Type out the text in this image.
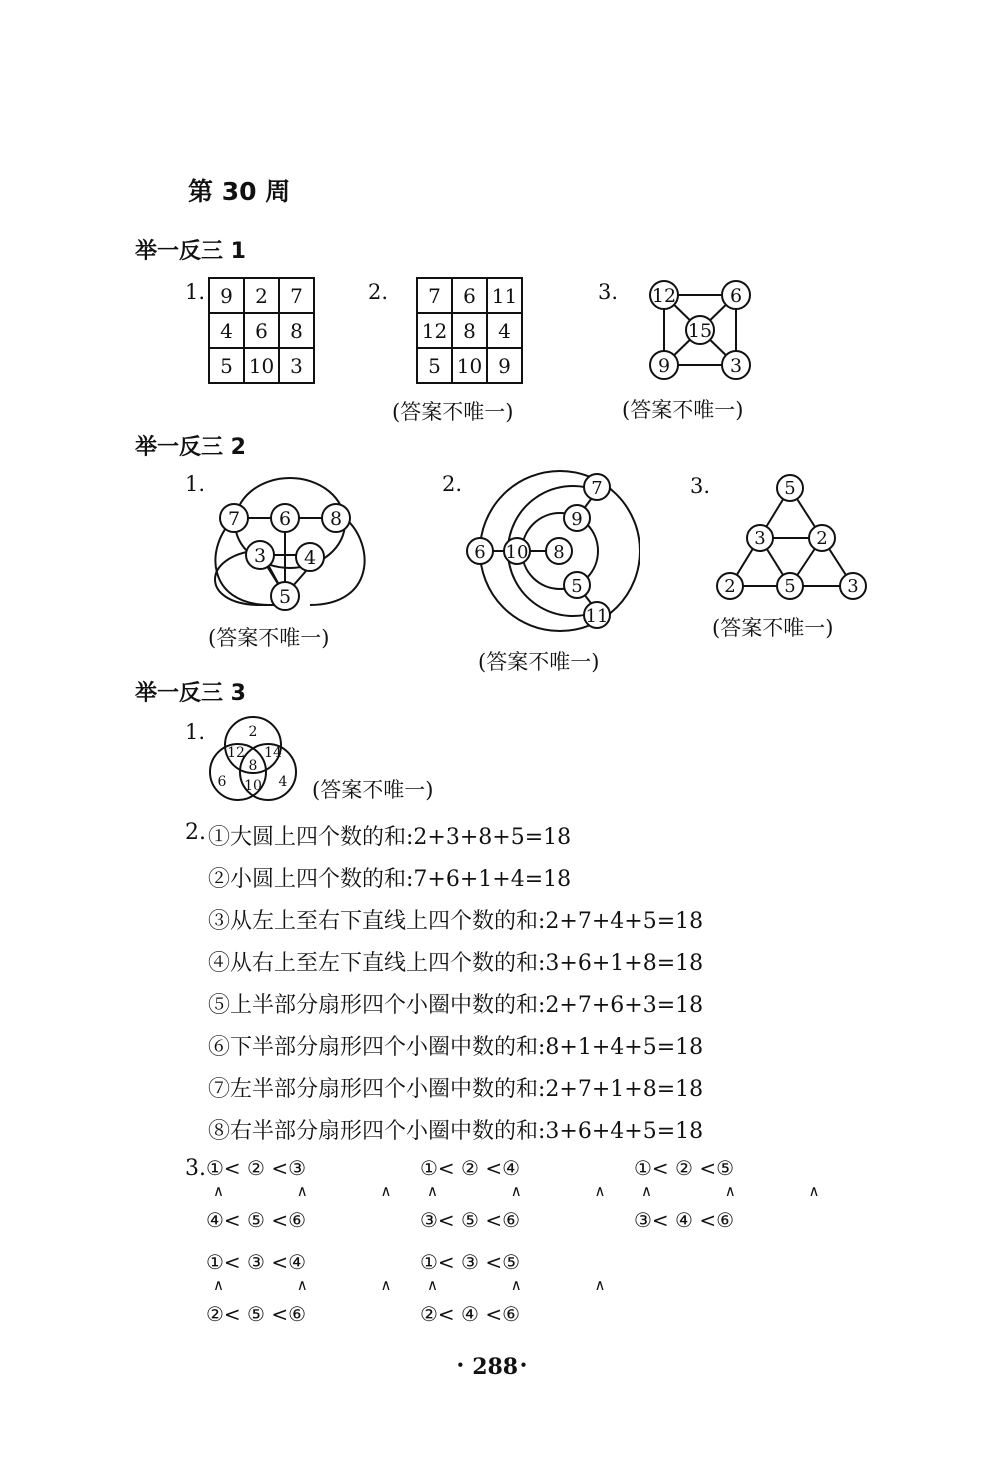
第 30 周
举一反三 1
1. 9	2	7
4	6	8
5	10	3
2. 7	6	11
12	8	4
5	10	9
(答案不唯一)
3. 12	6
15
9	3
(答案不唯一)
举一反三 2
1.
7 6 8
3 4
5
(答案不唯一)
2.	7
9
6 10 8
5
11
(答案不唯一)
3.	5
3	2
2	5	3
(答案不唯一)
举一反三 3
1.	2
12 14
8
6 10 4 (答案不唯一)
2. ①大圆上四个数的和:2+3+8+5=18
②小圆上四个数的和:7+6+1+4=18
③从左上至右下直线上四个数的和:2+7+4+5=18
④从右上至左下直线上四个数的和:3+6+1+8=18
⑤上半部分扇形四个小圈中数的和:2+7+6+3=18
⑥下半部分扇形四个小圈中数的和:8+1+4+5=18
⑦左半部分扇形四个小圈中数的和:2+7+1+8=18
⑧右半部分扇形四个小圈中数的和:3+6+4+5=18
3. ①< ② <③
∧ ∧ ∧
④< ⑤ <⑥
①< ② <④
∧ ∧ ∧
③< ⑤ <⑥
①< ② <⑤
∧ ∧ ∧
③< ④ <⑥
①< ③ <④
∧ ∧ ∧
②< ⑤ <⑥
①< ③ <⑤
∧ ∧ ∧
②< ④ <⑥
⠂288⠂
